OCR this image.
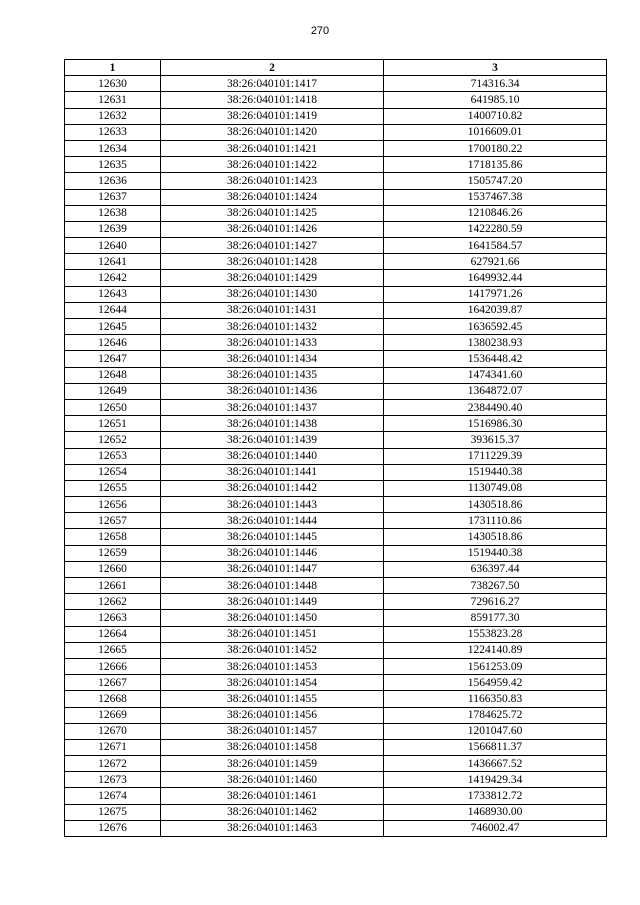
270
1	2	3
12630	38:26:040101:1417	714316.34
12631	38:26:040101:1418	641985.10
12632	38:26:040101:1419	1400710.82
12633	38:26:040101:1420	1016609.01
12634	38:26:040101:1421	1700180.22
12635	38:26:040101:1422	1718135.86
12636	38:26:040101:1423	1505747.20
12637	38:26:040101:1424	1537467.38
12638	38:26:040101:1425	1210846.26
12639	38:26:040101:1426	1422280.59
12640	38:26:040101:1427	1641584.57
12641	38:26:040101:1428	627921.66
12642	38:26:040101:1429	1649932.44
12643	38:26:040101:1430	1417971.26
12644	38:26:040101:1431	1642039.87
12645	38:26:040101:1432	1636592.45
12646	38:26:040101:1433	1380238.93
12647	38:26:040101:1434	1536448.42
12648	38:26:040101:1435	1474341.60
12649	38:26:040101:1436	1364872.07
12650	38:26:040101:1437	2384490.40
12651	38:26:040101:1438	1516986.30
12652	38:26:040101:1439	393615.37
12653	38:26:040101:1440	1711229.39
12654	38:26:040101:1441	1519440.38
12655	38:26:040101:1442	1130749.08
12656	38:26:040101:1443	1430518.86
12657	38:26:040101:1444	1731110.86
12658	38:26:040101:1445	1430518.86
12659	38:26:040101:1446	1519440.38
12660	38:26:040101:1447	636397.44
12661	38:26:040101:1448	738267.50
12662	38:26:040101:1449	729616.27
12663	38:26:040101:1450	859177.30
12664	38:26:040101:1451	1553823.28
12665	38:26:040101:1452	1224140.89
12666	38:26:040101:1453	1561253.09
12667	38:26:040101:1454	1564959.42
12668	38:26:040101:1455	1166350.83
12669	38:26:040101:1456	1784625.72
12670	38:26:040101:1457	1201047.60
12671	38:26:040101:1458	1566811.37
12672	38:26:040101:1459	1436667.52
12673	38:26:040101:1460	1419429.34
12674	38:26:040101:1461	1733812.72
12675	38:26:040101:1462	1468930.00
12676	38:26:040101:1463	746002.47
